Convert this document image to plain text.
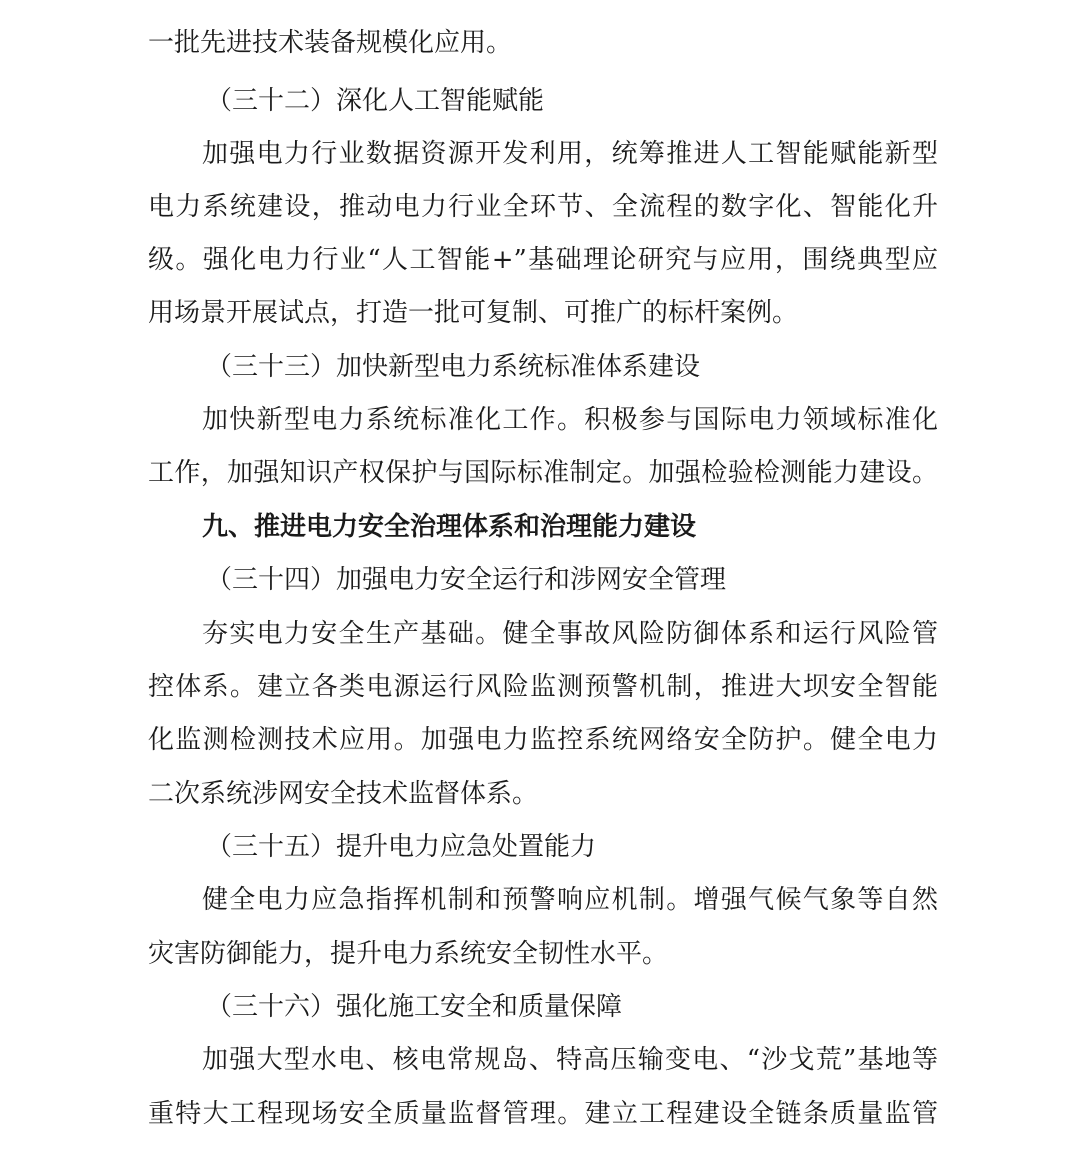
一批先进技术装备规模化应用。
（三十二）深化人工智能赋能
加强电力行业数据资源开发利用，统筹推进人工智能赋能新型
电力系统建设，推动电力行业全环节、全流程的数字化、智能化升
级。强化电力行业“人工智能+”基础理论研究与应用，围绕典型应
用场景开展试点，打造一批可复制、可推广的标杆案例。
（三十三）加快新型电力系统标准体系建设
加快新型电力系统标准化工作。积极参与国际电力领域标准化
工作，加强知识产权保护与国际标准制定。加强检验检测能力建设。
九、推进电力安全治理体系和治理能力建设
（三十四）加强电力安全运行和涉网安全管理
夯实电力安全生产基础。健全事故风险防御体系和运行风险管
控体系。建立各类电源运行风险监测预警机制，推进大坝安全智能
化监测检测技术应用。加强电力监控系统网络安全防护。健全电力
二次系统涉网安全技术监督体系。
（三十五）提升电力应急处置能力
健全电力应急指挥机制和预警响应机制。增强气候气象等自然
灾害防御能力，提升电力系统安全韧性水平。
（三十六）强化施工安全和质量保障
加强大型水电、核电常规岛、特高压输变电、“沙戈荒”基地等
重特大工程现场安全质量监督管理。建立工程建设全链条质量监管
